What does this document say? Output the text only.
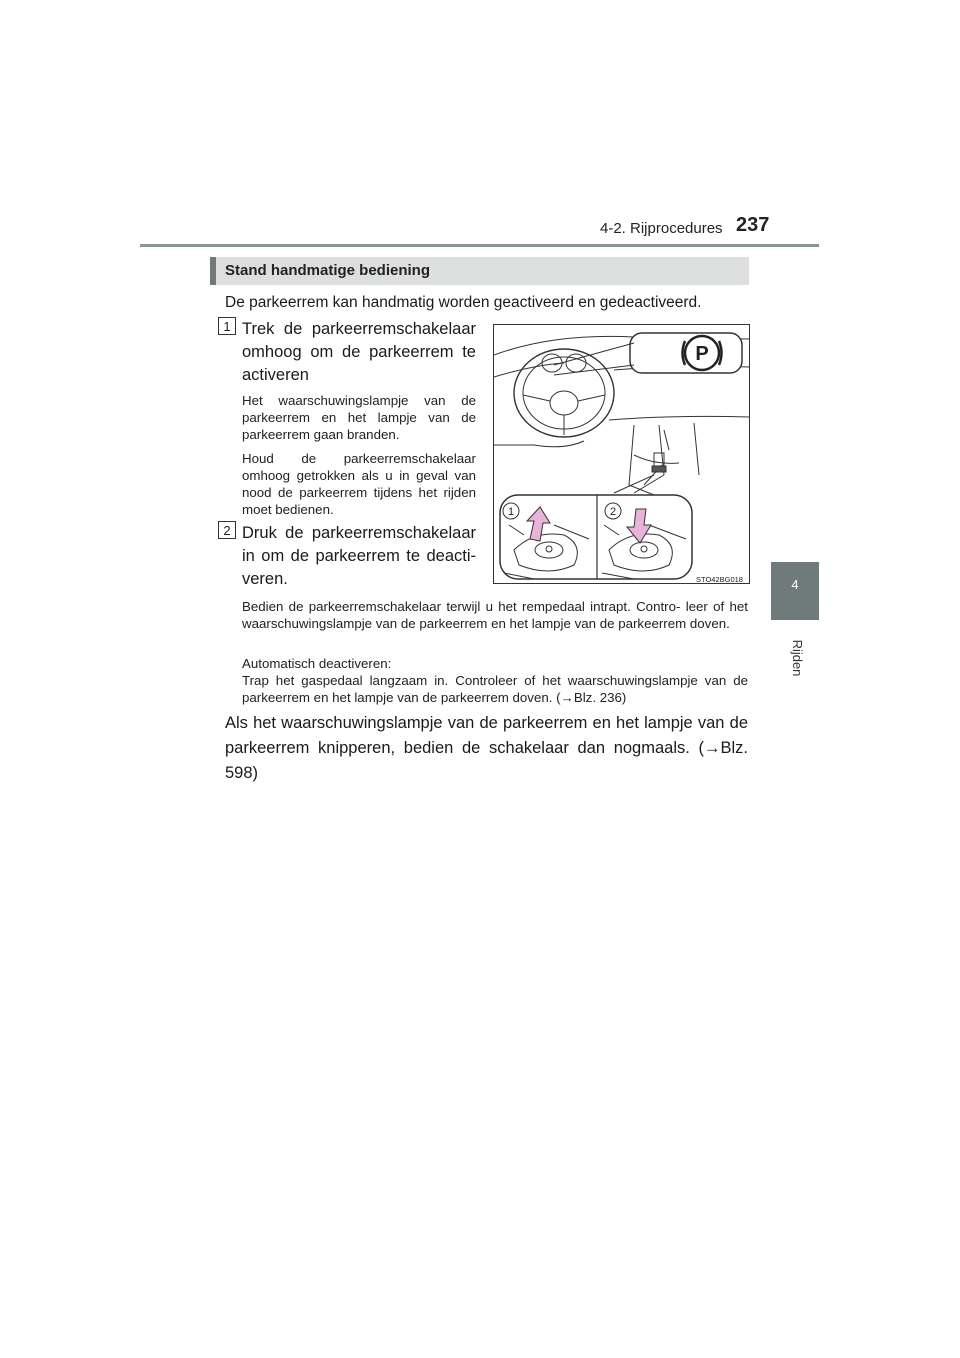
4-2. Rijprocedures 237
4
Rijden
Stand handmatige bediening
De parkeerrem kan handmatig worden geactiveerd en gedeactiveerd.
1 Trek de parkeerremschakelaar omhoog om de parkeerrem te activeren
Het waarschuwingslampje van de parkeerrem en het lampje van de parkeerrem gaan branden.
Houd de parkeerremschakelaar omhoog getrokken als u in geval van nood de parkeerrem tijdens het rijden moet bedienen.
2 Druk de parkeerremschakelaar in om de parkeerrem te deacti- veren.
Bedien de parkeerremschakelaar terwijl u het rempedaal intrapt. Contro- leer of het waarschuwingslampje van de parkeerrem en het lampje van de parkeerrem doven.
Automatisch deactiveren:
Trap het gaspedaal langzaam in. Controleer of het waarschuwingslampje van de parkeerrem en het lampje van de parkeerrem doven. (→Blz. 236)
Als het waarschuwingslampje van de parkeerrem en het lampje van de parkeerrem knipperen, bedien de schakelaar dan nogmaals. (→Blz. 598)
P
1	2
STO42BG018
